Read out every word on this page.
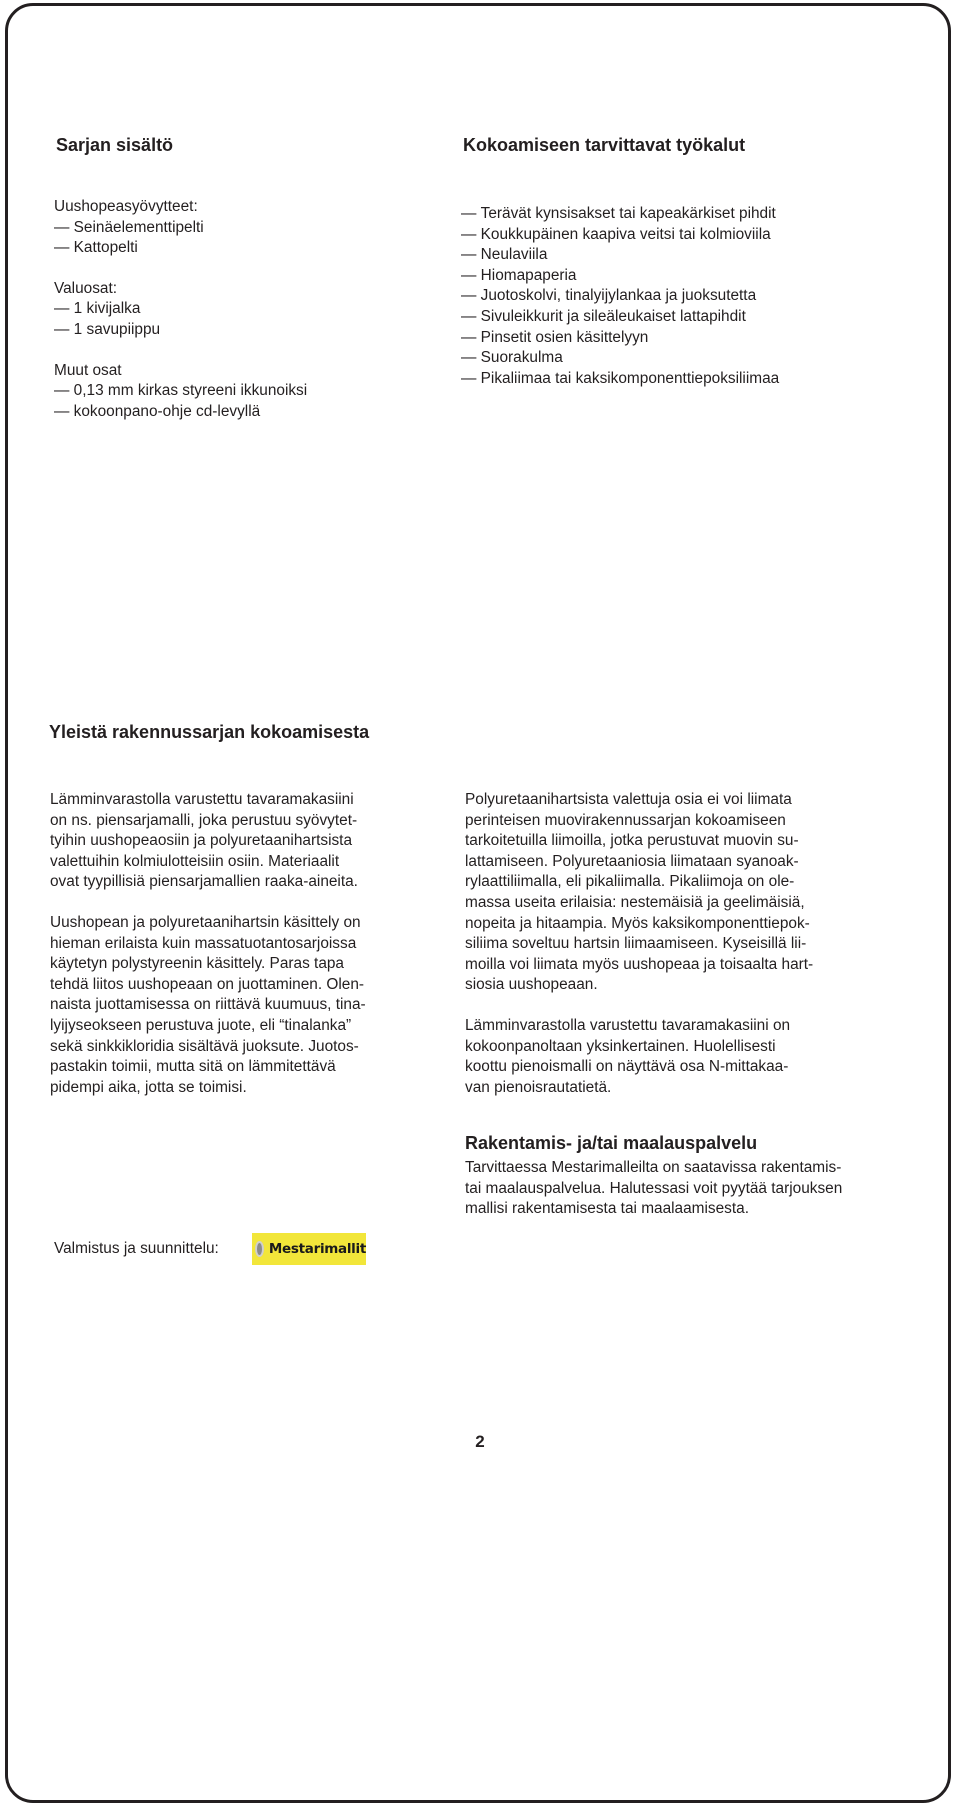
Sarjan sisältö	Kokoamiseen tarvittavat työkalut

Uushopeasyövytteet:

— Seinäelementtipelti

— Kattopelti

Valuosat:

— 1 kivijalka

— 1 savupiippu

Muut osat

— 0,13 mm kirkas styreeni ikkunoiksi

— kokoonpano-ohje cd-levyllä

— Terävät kynsisakset tai kapeakärkiset pihdit

— Koukkupäinen kaapiva veitsi tai kolmioviila

— Neulaviila

— Hiomapaperia

— Juotoskolvi, tinalyijylankaa ja juoksutetta

— Sivuleikkurit ja sileäleukaiset lattapihdit

— Pinsetit osien käsittelyyn

— Suorakulma

— Pikaliimaa tai kaksikomponenttiepoksiliimaa

Yleistä rakennussarjan kokoamisesta

Lämminvarastolla varustettu tavaramakasiini

on ns. piensarjamalli, joka perustuu syövytet-

tyihin uushopeaosiin ja polyuretaanihartsista

valettuihin kolmiulotteisiin osiin. Materiaalit

ovat tyypillisiä piensarjamallien raaka-aineita.

Uushopean ja polyuretaanihartsin käsittely on

hieman erilaista kuin massatuotantosarjoissa

käytetyn polystyreenin käsittely. Paras tapa

tehdä liitos uushopeaan on juottaminen. Olen-

naista juottamisessa on riittävä kuumuus, tina-

lyijyseokseen perustuva juote, eli “tinalanka”

sekä sinkkikloridia sisältävä juoksute. Juotos-

pastakin toimii, mutta sitä on lämmitettävä

pidempi aika, jotta se toimisi.

Polyuretaanihartsista valettuja osia ei voi liimata

perinteisen muovirakennussarjan kokoamiseen

tarkoitetuilla liimoilla, jotka perustuvat muovin su-

lattamiseen. Polyuretaaniosia liimataan syanoak-

rylaattiliimalla, eli pikaliimalla. Pikaliimoja on ole-

massa useita erilaisia: nestemäisiä ja geelimäisiä,

nopeita ja hitaampia. Myös kaksikomponenttiepok-

siliima soveltuu hartsin liimaamiseen. Kyseisillä lii-

moilla voi liimata myös uushopeaa ja toisaalta hart-

siosia uushopeaan.

Lämminvarastolla varustettu tavaramakasiini on

kokoonpanoltaan yksinkertainen. Huolellisesti

koottu pienoismalli on näyttävä osa N-mittakaa-

van pienoisrautatietä.

Rakentamis- ja/tai maalauspalvelu

Tarvittaessa Mestarimalleilta on saatavissa rakentamis-

tai maalauspalvelua. Halutessasi voit pyytää tarjouksen

mallisi rakentamisesta tai maalaamisesta.

Valmistus ja suunnittelu:	Mestarimallit
2
